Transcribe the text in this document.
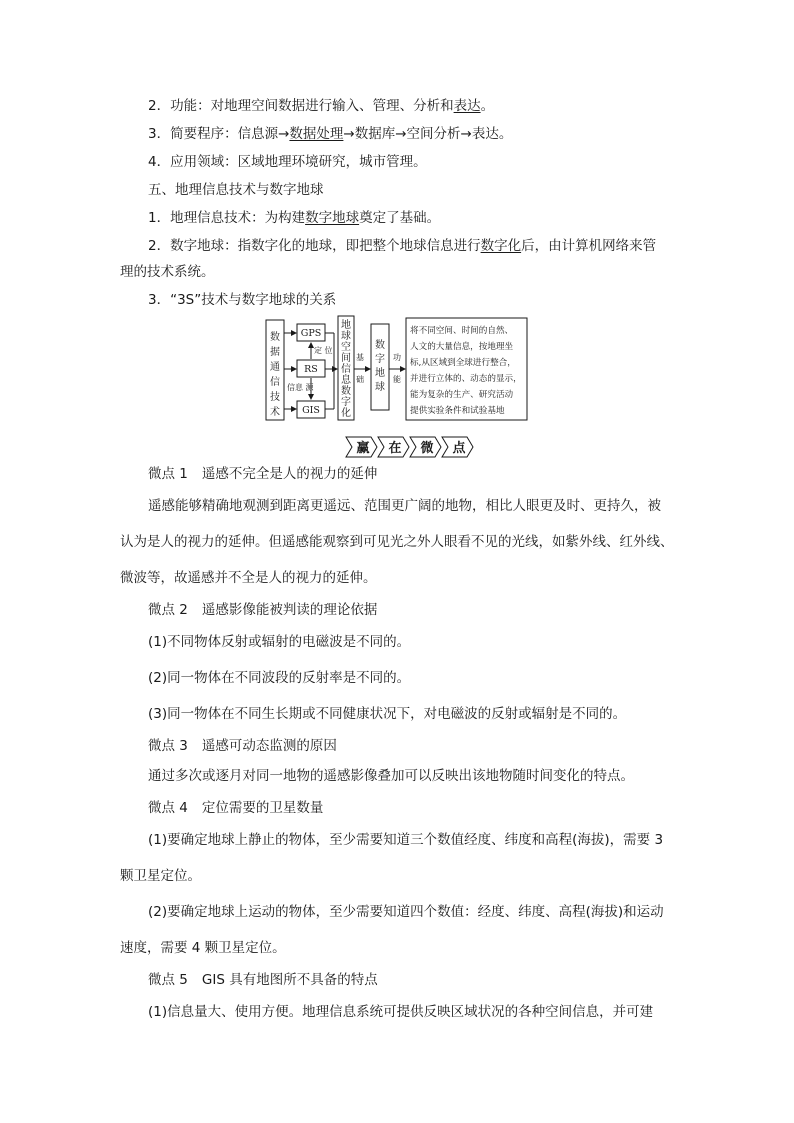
2．功能：对地理空间数据进行输入、管理、分析和表达。
3．简要程序：信息源→数据处理→数据库→空间分析→表达。
4．应用领域：区域地理环境研究，城市管理。
五、地理信息技术与数字地球
1．地理信息技术：为构建数字地球奠定了基础。
2．数字地球：指数字化的地球，即把整个地球信息进行数字化后，由计算机网络来管
理的技术系统。
3．“3S”技术与数字地球的关系
数
据
通
信
技
术
GPS
RS
GIS
定 位
信息 源
地
球
空
间
信
息
数
字
化
基
础
数
字
地
球
功
能
将不同空间、时间的自然、
人文的大量信息，按地理坐
标,从区域到全球进行整合，
并进行立体的、动态的显示，
能为复杂的生产、研究活动
提供实验条件和试验基地
赢 在 微 点
微点 1 遥感不完全是人的视力的延伸
遥感能够精确地观测到距离更遥远、范围更广阔的地物，相比人眼更及时、更持久，被
认为是人的视力的延伸。但遥感能观察到可见光之外人眼看不见的光线，如紫外线、红外线、
微波等，故遥感并不全是人的视力的延伸。
微点 2 遥感影像能被判读的理论依据
(1)不同物体反射或辐射的电磁波是不同的。
(2)同一物体在不同波段的反射率是不同的。
(3)同一物体在不同生长期或不同健康状况下，对电磁波的反射或辐射是不同的。
微点 3 遥感可动态监测的原因
通过多次或逐月对同一地物的遥感影像叠加可以反映出该地物随时间变化的特点。
微点 4 定位需要的卫星数量
(1)要确定地球上静止的物体，至少需要知道三个数值经度、纬度和高程(海拔)，需要 3
颗卫星定位。
(2)要确定地球上运动的物体，至少需要知道四个数值：经度、纬度、高程(海拔)和运动
速度，需要 4 颗卫星定位。
微点 5 GIS 具有地图所不具备的特点
(1)信息量大、使用方便。地理信息系统可提供反映区域状况的各种空间信息，并可建
